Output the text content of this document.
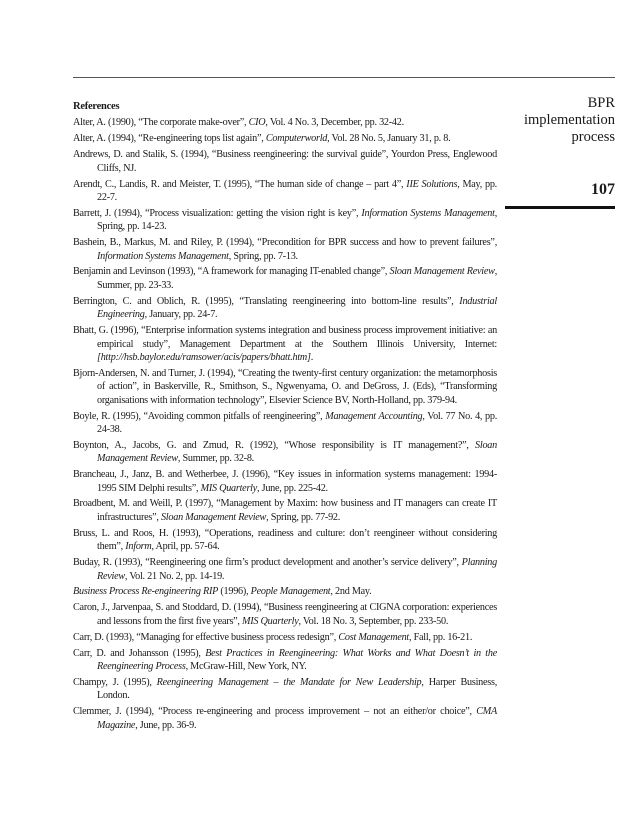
BPR
implementation
process
107
References
Alter, A. (1990), “The corporate make-over”, CIO, Vol. 4 No. 3, December, pp. 32-42.
Alter, A. (1994), “Re-engineering tops list again”, Computerworld, Vol. 28 No. 5, January 31, p. 8.
Andrews, D. and Stalik, S. (1994), “Business reengineering: the survival guide”, Yourdon Press, Englewood Cliffs, NJ.
Arendt, C., Landis, R. and Meister, T. (1995), “The human side of change – part 4”, IIE Solutions, May, pp. 22-7.
Barrett, J. (1994), “Process visualization: getting the vision right is key”, Information Systems Management, Spring, pp. 14-23.
Bashein, B., Markus, M. and Riley, P. (1994), “Precondition for BPR success and how to prevent failures”, Information Systems Management, Spring, pp. 7-13.
Benjamin and Levinson (1993), “A framework for managing IT-enabled change”, Sloan Management Review, Summer, pp. 23-33.
Berrington, C. and Oblich, R. (1995), “Translating reengineering into bottom-line results”, Industrial Engineering, January, pp. 24-7.
Bhatt, G. (1996), “Enterprise information systems integration and business process improvement initiative: an empirical study”, Management Department at the Southern Illinois University, Internet: [http://hsb.baylor.edu/ramsower/acis/papers/bhatt.htm].
Bjorn-Andersen, N. and Turner, J. (1994), “Creating the twenty-first century organization: the metamorphosis of action”, in Baskerville, R., Smithson, S., Ngwenyama, O. and DeGross, J. (Eds), “Transforming organisations with information technology”, Elsevier Science BV, North-Holland, pp. 379-94.
Boyle, R. (1995), “Avoiding common pitfalls of reengineering”, Management Accounting, Vol. 77 No. 4, pp. 24-38.
Boynton, A., Jacobs, G. and Zmud, R. (1992), “Whose responsibility is IT management?”, Sloan Management Review, Summer, pp. 32-8.
Brancheau, J., Janz, B. and Wetherbee, J. (1996), “Key issues in information systems management: 1994-1995 SIM Delphi results”, MIS Quarterly, June, pp. 225-42.
Broadbent, M. and Weill, P. (1997), “Management by Maxim: how business and IT managers can create IT infrastructures”, Sloan Management Review, Spring, pp. 77-92.
Bruss, L. and Roos, H. (1993), “Operations, readiness and culture: don’t reengineer without considering them”, Inform, April, pp. 57-64.
Buday, R. (1993), “Reengineering one firm’s product development and another’s service delivery”, Planning Review, Vol. 21 No. 2, pp. 14-19.
Business Process Re-engineering RIP (1996), People Management, 2nd May.
Caron, J., Jarvenpaa, S. and Stoddard, D. (1994), “Business reengineering at CIGNA corporation: experiences and lessons from the first five years”, MIS Quarterly, Vol. 18 No. 3, September, pp. 233-50.
Carr, D. (1993), “Managing for effective business process redesign”, Cost Management, Fall, pp. 16-21.
Carr, D. and Johansson (1995), Best Practices in Reengineering: What Works and What Doesn’t in the Reengineering Process, McGraw-Hill, New York, NY.
Champy, J. (1995), Reengineering Management – the Mandate for New Leadership, Harper Business, London.
Clemmer, J. (1994), “Process re-engineering and process improvement – not an either/or choice”, CMA Magazine, June, pp. 36-9.
